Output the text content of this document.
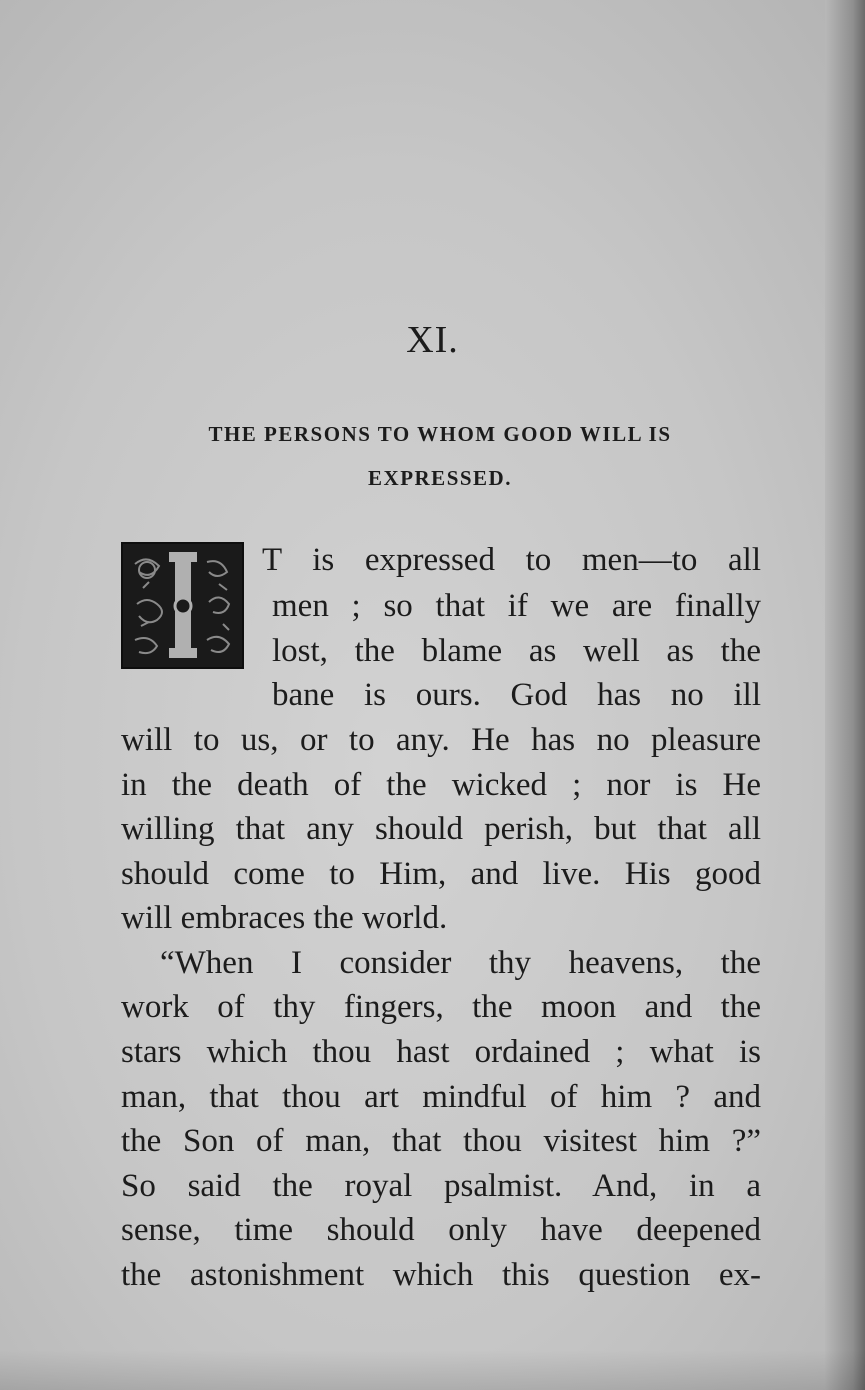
XI.
THE PERSONS TO WHOM GOOD WILL IS
EXPRESSED.
T is expressed to men—to all
men ; so that if we are finally
lost, the blame as well as the
bane is ours. God has no ill
will to us, or to any. He has no pleasure
in the death of the wicked ; nor is He
willing that any should perish, but that all
should come to Him, and live. His good
will embraces the world.
“When I consider thy heavens, the
work of thy fingers, the moon and the
stars which thou hast ordained ; what is
man, that thou art mindful of him ? and
the Son of man, that thou visitest him ?”
So said the royal psalmist. And, in a
sense, time should only have deepened
the astonishment which this question ex-
